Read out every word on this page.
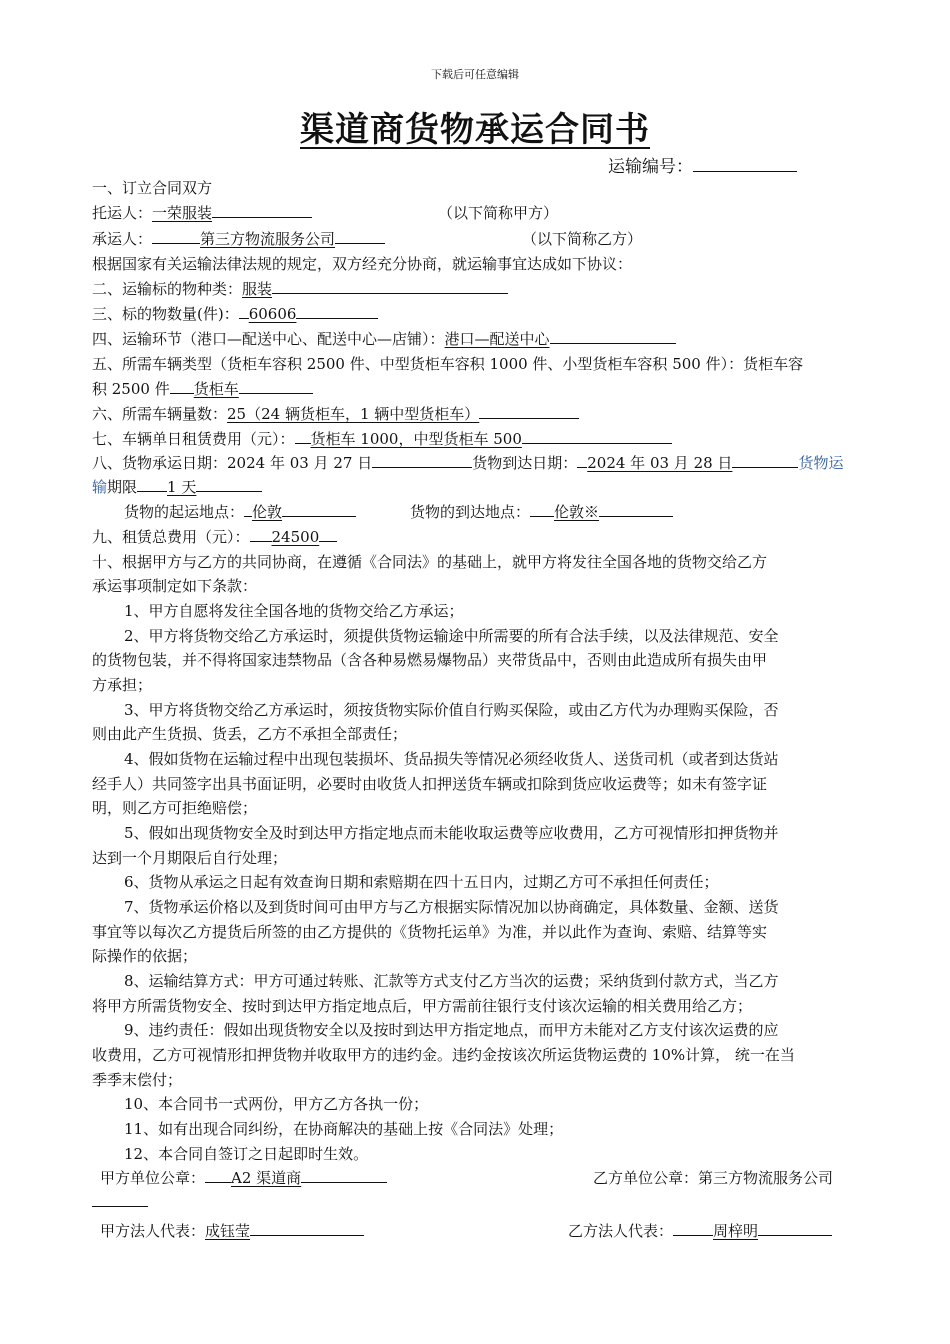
下载后可任意编辑
渠道商货物承运合同书
运输编号：
一、订立合同双方
托运人：一荣服装	（以下简称甲方）
承运人：	第三方物流服务公司	（以下简称乙方）
根据国家有关运输法律法规的规定，双方经充分协商，就运输事宜达成如下协议：
二、运输标的物种类：服装
三、标的物数量(件)： 60606
四、运输环节（港口—配送中心、配送中心—店铺）：港口—配送中心
五、所需车辆类型（货柜车容积 2500 件、中型货柜车容积 1000 件、小型货柜车容积 500 件）：货柜车容
积 2500 件 货柜车
六、所需车辆量数：25（24 辆货柜车，1 辆中型货柜车）
七、车辆单日租赁费用（元）： 货柜车 1000，中型货柜车 500
八、货物承运日期：2024 年 03 月 27 日	货物到达日期： 2024 年 03 月 28 日	货物运
输期限 1 天
货物的起运地点： 伦敦	货物的到达地点： 伦敦※
九、租赁总费用（元）： 24500
十、根据甲方与乙方的共同协商，在遵循《合同法》的基础上，就甲方将发往全国各地的货物交给乙方
承运事项制定如下条款：
1、甲方自愿将发往全国各地的货物交给乙方承运；
2、甲方将货物交给乙方承运时，须提供货物运输途中所需要的所有合法手续，以及法律规范、安全
的货物包装，并不得将国家违禁物品（含各种易燃易爆物品）夹带货品中，否则由此造成所有损失由甲
方承担；
3、甲方将货物交给乙方承运时，须按货物实际价值自行购买保险，或由乙方代为办理购买保险，否
则由此产生货损、货丢，乙方不承担全部责任；
4、假如货物在运输过程中出现包装损坏、货品损失等情况必须经收货人、送货司机（或者到达货站
经手人）共同签字出具书面证明，必要时由收货人扣押送货车辆或扣除到货应收运费等；如未有签字证
明，则乙方可拒绝赔偿；
5、假如出现货物安全及时到达甲方指定地点而未能收取运费等应收费用，乙方可视情形扣押货物并
达到一个月期限后自行处理；
6、货物从承运之日起有效查询日期和索赔期在四十五日内，过期乙方可不承担任何责任；
7、货物承运价格以及到货时间可由甲方与乙方根据实际情况加以协商确定，具体数量、金额、送货
事宜等以每次乙方提货后所签的由乙方提供的《货物托运单》为准，并以此作为查询、索赔、结算等实
际操作的依据；
8、运输结算方式：甲方可通过转账、汇款等方式支付乙方当次的运费；采纳货到付款方式，当乙方
将甲方所需货物安全、按时到达甲方指定地点后，甲方需前往银行支付该次运输的相关费用给乙方；
9、违约责任：假如出现货物安全以及按时到达甲方指定地点，而甲方未能对乙方支付该次运费的应
收费用，乙方可视情形扣押货物并收取甲方的违约金。违约金按该次所运货物运费的 10%计算， 统一在当
季季末偿付；
10、本合同书一式两份，甲方乙方各执一份；
11、如有出现合同纠纷，在协商解决的基础上按《合同法》处理；
12、本合同自签订之日起即时生效。
甲方单位公章： A2 渠道商	乙方单位公章：第三方物流服务公司
甲方法人代表：成钰莹	乙方法人代表：	周梓明
